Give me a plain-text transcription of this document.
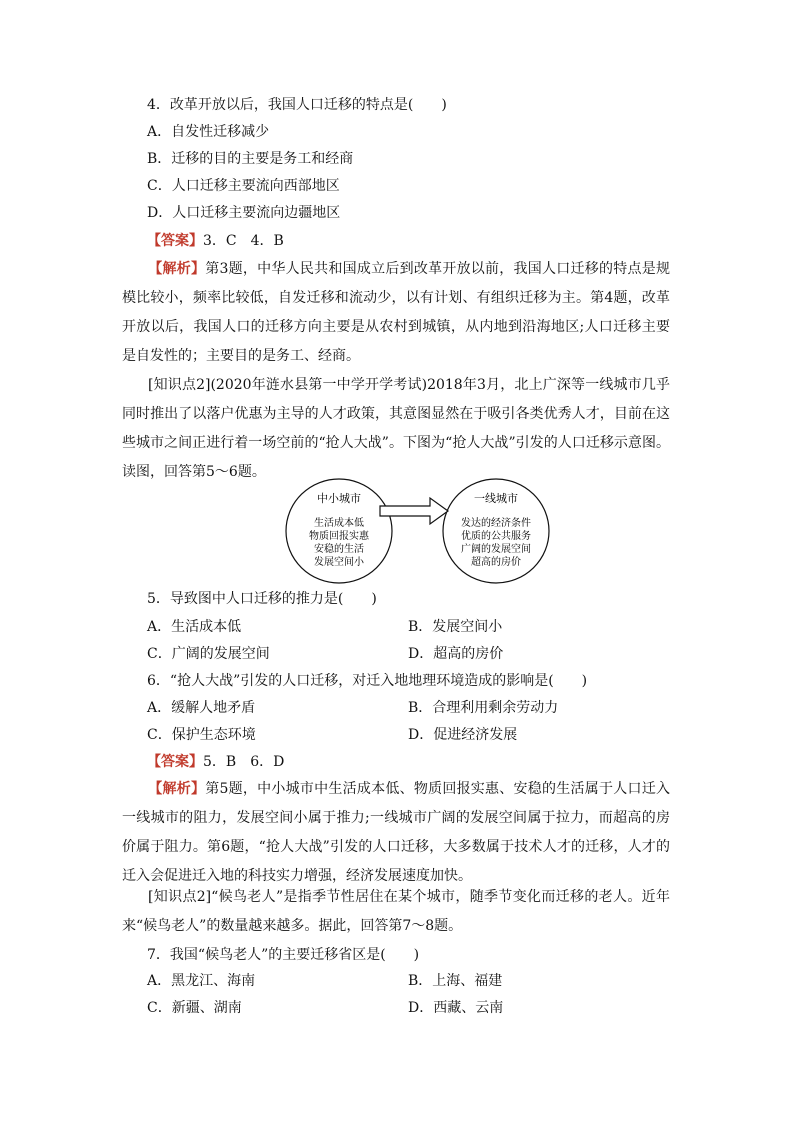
4．改革开放以后，我国人口迁移的特点是(　　)
A．自发性迁移减少
B．迁移的目的主要是务工和经商
C．人口迁移主要流向西部地区
D．人口迁移主要流向边疆地区
【答案】3．C　4．B
【解析】第3题，中华人民共和国成立后到改革开放以前，我国人口迁移的特点是规模比较小，频率比较低，自发迁移和流动少，以有计划、有组织迁移为主。第4题，改革开放以后，我国人口的迁移方向主要是从农村到城镇，从内地到沿海地区;人口迁移主要是自发性的；主要目的是务工、经商。
[知识点2](2020年涟水县第一中学开学考试)2018年3月，北上广深等一线城市几乎同时推出了以落户优惠为主导的人才政策，其意图显然在于吸引各类优秀人才，目前在这些城市之间正进行着一场空前的“抢人大战”。下图为“抢人大战”引发的人口迁移示意图。读图，回答第5～6题。
中小城市
生活成本低
物质回报实惠
安稳的生活
发展空间小
一线城市
发达的经济条件
优质的公共服务
广阔的发展空间
超高的房价
5．导致图中人口迁移的推力是(　　)
A．生活成本低	B．发展空间小
C．广阔的发展空间	D．超高的房价
6．“抢人大战”引发的人口迁移，对迁入地地理环境造成的影响是(　　)
A．缓解人地矛盾	B．合理利用剩余劳动力
C．保护生态环境	D．促进经济发展
【答案】5．B　6．D
【解析】第5题，中小城市中生活成本低、物质回报实惠、安稳的生活属于人口迁入一线城市的阻力，发展空间小属于推力;一线城市广阔的发展空间属于拉力，而超高的房价属于阻力。第6题，“抢人大战”引发的人口迁移，大多数属于技术人才的迁移，人才的迁入会促进迁入地的科技实力增强，经济发展速度加快。
[知识点2]“候鸟老人”是指季节性居住在某个城市，随季节变化而迁移的老人。近年来“候鸟老人”的数量越来越多。据此，回答第7～8题。
7．我国“候鸟老人”的主要迁移省区是(　　)
A．黑龙江、海南	B．上海、福建
C．新疆、湖南	D．西藏、云南
